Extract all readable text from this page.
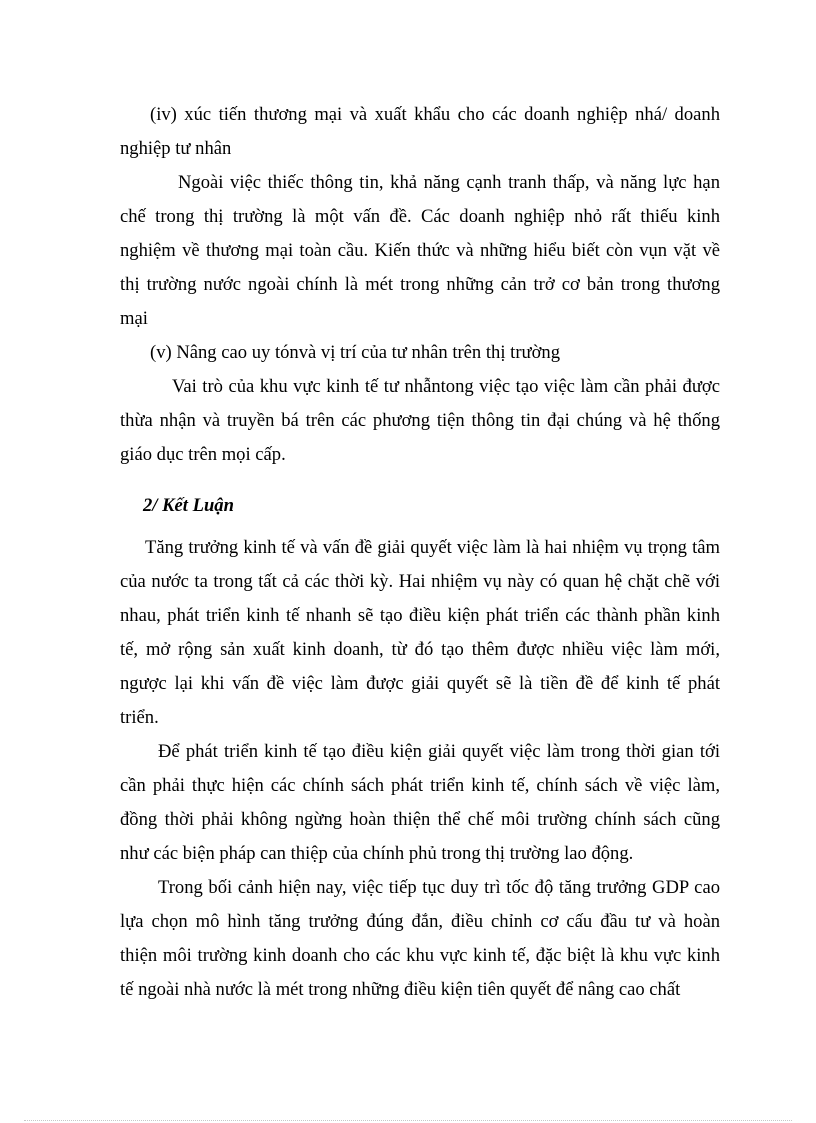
(iv) xúc tiến thương mại và xuất khẩu cho các doanh nghiệp nhá/ doanh

nghiệp tư nhân

Ngoài việc thiếc thông tin, khả năng cạnh tranh thấp, và năng lực hạn

chế trong thị trường là một vấn đề. Các doanh nghiệp nhỏ rất thiếu kinh

nghiệm về thương mại toàn cầu. Kiến thức và những hiểu biết còn vụn vặt về

thị trường nước ngoài chính là mét trong những cản trở cơ bản trong thương

mại

(v) Nâng cao uy tónvà vị trí của tư nhân trên thị trường

Vai trò của khu vực kinh tế tư nhẫntong việc tạo việc làm cần phải được

thừa nhận và truyền bá trên các phương tiện thông tin đại chúng và hệ thống

giáo dục trên mọi cấp.

2/ Kết Luận

Tăng trưởng kinh tế và vấn đề giải quyết việc làm là hai nhiệm vụ trọng tâm

của nước ta trong tất cả các thời kỳ. Hai nhiệm vụ này có quan hệ chặt chẽ với

nhau, phát triển kinh tế nhanh sẽ tạo điều kiện phát triển các thành phần kinh

tế, mở rộng sản xuất kinh doanh, từ đó tạo thêm được nhiều việc làm mới,

ngược lại khi vấn đề việc làm được giải quyết sẽ là tiền đề để kinh tế phát

triển.

Để phát triển kinh tế tạo điều kiện giải quyết việc làm trong thời gian tới

cần phải thực hiện các chính sách phát triển kinh tế, chính sách về việc làm,

đồng thời phải không ngừng hoàn thiện thể chế môi trường chính sách cũng

như các biện pháp can thiệp của chính phủ trong thị trường lao động.

Trong bối cảnh hiện nay, việc tiếp tục duy trì tốc độ tăng trưởng GDP cao

lựa chọn mô hình tăng trưởng đúng đắn, điều chỉnh cơ cấu đầu tư và hoàn

thiện môi trường kinh doanh cho các khu vực kinh tế, đặc biệt là khu vực kinh

tế ngoài nhà nước là mét trong những điều kiện tiên quyết để nâng cao chất
